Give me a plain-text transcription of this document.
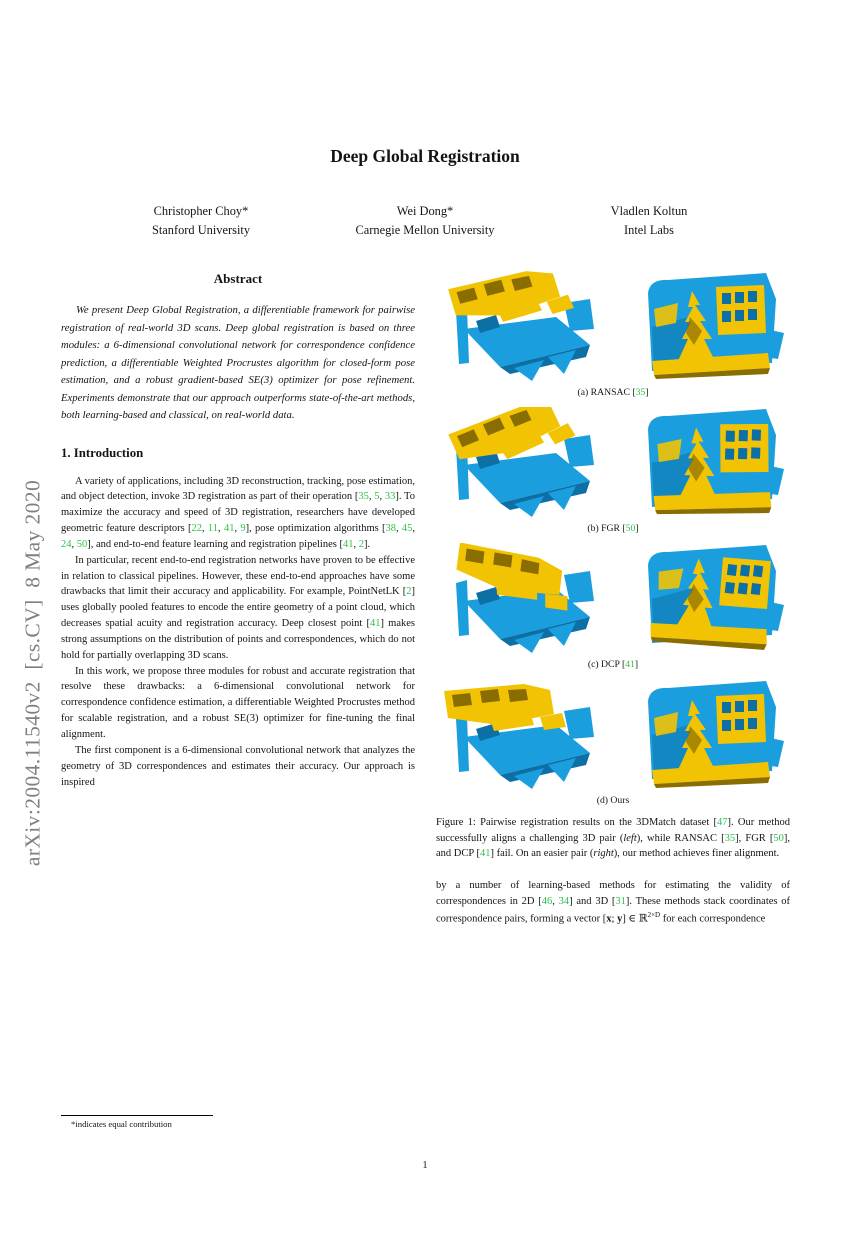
arXiv:2004.11540v2  [cs.CV]  8 May 2020
Deep Global Registration
Christopher Choy*
Stanford University
Wei Dong*
Carnegie Mellon University
Vladlen Koltun
Intel Labs
Abstract

We present Deep Global Registration, a differentiable framework for pairwise registration of real-world 3D scans. Deep global registration is based on three modules: a 6-dimensional convolutional network for correspondence confidence prediction, a differentiable Weighted Procrustes algorithm for closed-form pose estimation, and a robust gradient-based SE(3) optimizer for pose refinement. Experiments demonstrate that our approach outperforms state-of-the-art methods, both learning-based and classical, on real-world data.

1. Introduction

A variety of applications, including 3D reconstruction, tracking, pose estimation, and object detection, invoke 3D registration as part of their operation [35, 5, 33]. To maximize the accuracy and speed of 3D registration, researchers have developed geometric feature descriptors [22, 11, 41, 9], pose optimization algorithms [38, 45, 24, 50], and end-to-end feature learning and registration pipelines [41, 2].

In particular, recent end-to-end registration networks have proven to be effective in relation to classical pipelines. However, these end-to-end approaches have some drawbacks that limit their accuracy and applicability. For example, PointNetLK [2] uses globally pooled features to encode the entire geometry of a point cloud, which decreases spatial acuity and registration accuracy. Deep closest point [41] makes strong assumptions on the distribution of points and correspondences, which do not hold for partially overlapping 3D scans.

In this work, we propose three modules for robust and accurate registration that resolve these drawbacks: a 6-dimensional convolutional network for correspondence confidence estimation, a differentiable Weighted Procrustes method for scalable registration, and a robust SE(3) optimizer for fine-tuning the final alignment.

The first component is a 6-dimensional convolutional network that analyzes the geometry of 3D correspondences and estimates their accuracy. Our approach is inspired

(a) RANSAC [35]
(b) FGR [50]
(c) DCP [41]
(d) Ours

Figure 1: Pairwise registration results on the 3DMatch dataset [47]. Our method successfully aligns a challenging 3D pair (left), while RANSAC [35], FGR [50], and DCP [41] fail. On an easier pair (right), our method achieves finer alignment.

by a number of learning-based methods for estimating the validity of correspondences in 2D [46, 34] and 3D [31]. These methods stack coordinates of correspondence pairs, forming a vector [x; y] ∈ ℝ$^{2\times D}$ for each correspondence

*indicates equal contribution
1
